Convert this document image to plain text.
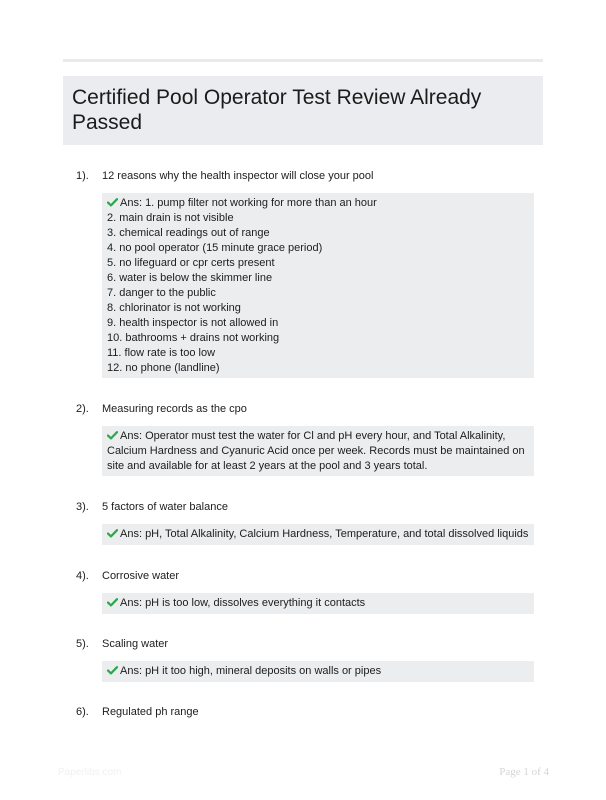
Certified Pool Operator Test Review Already Passed
1). 12 reasons why the health inspector will close your pool
Ans: 1. pump filter not working for more than an hour
2. main drain is not visible
3. chemical readings out of range
4. no pool operator (15 minute grace period)
5. no lifeguard or cpr certs present
6. water is below the skimmer line
7. danger to the public
8. chlorinator is not working
9. health inspector is not allowed in
10. bathrooms + drains not working
11. flow rate is too low
12. no phone (landline)
2). Measuring records as the cpo
Ans: Operator must test the water for Cl and pH every hour, and Total Alkalinity, Calcium Hardness and Cyanuric Acid once per week. Records must be maintained on site and available for at least 2 years at the pool and 3 years total.
3). 5 factors of water balance
Ans: pH, Total Alkalinity, Calcium Hardness, Temperature, and total dissolved liquids
4). Corrosive water
Ans: pH is too low, dissolves everything it contacts
5). Scaling water
Ans: pH it too high, mineral deposits on walls or pipes
6). Regulated ph range
Paperlibs.com	Page 1 of 4
